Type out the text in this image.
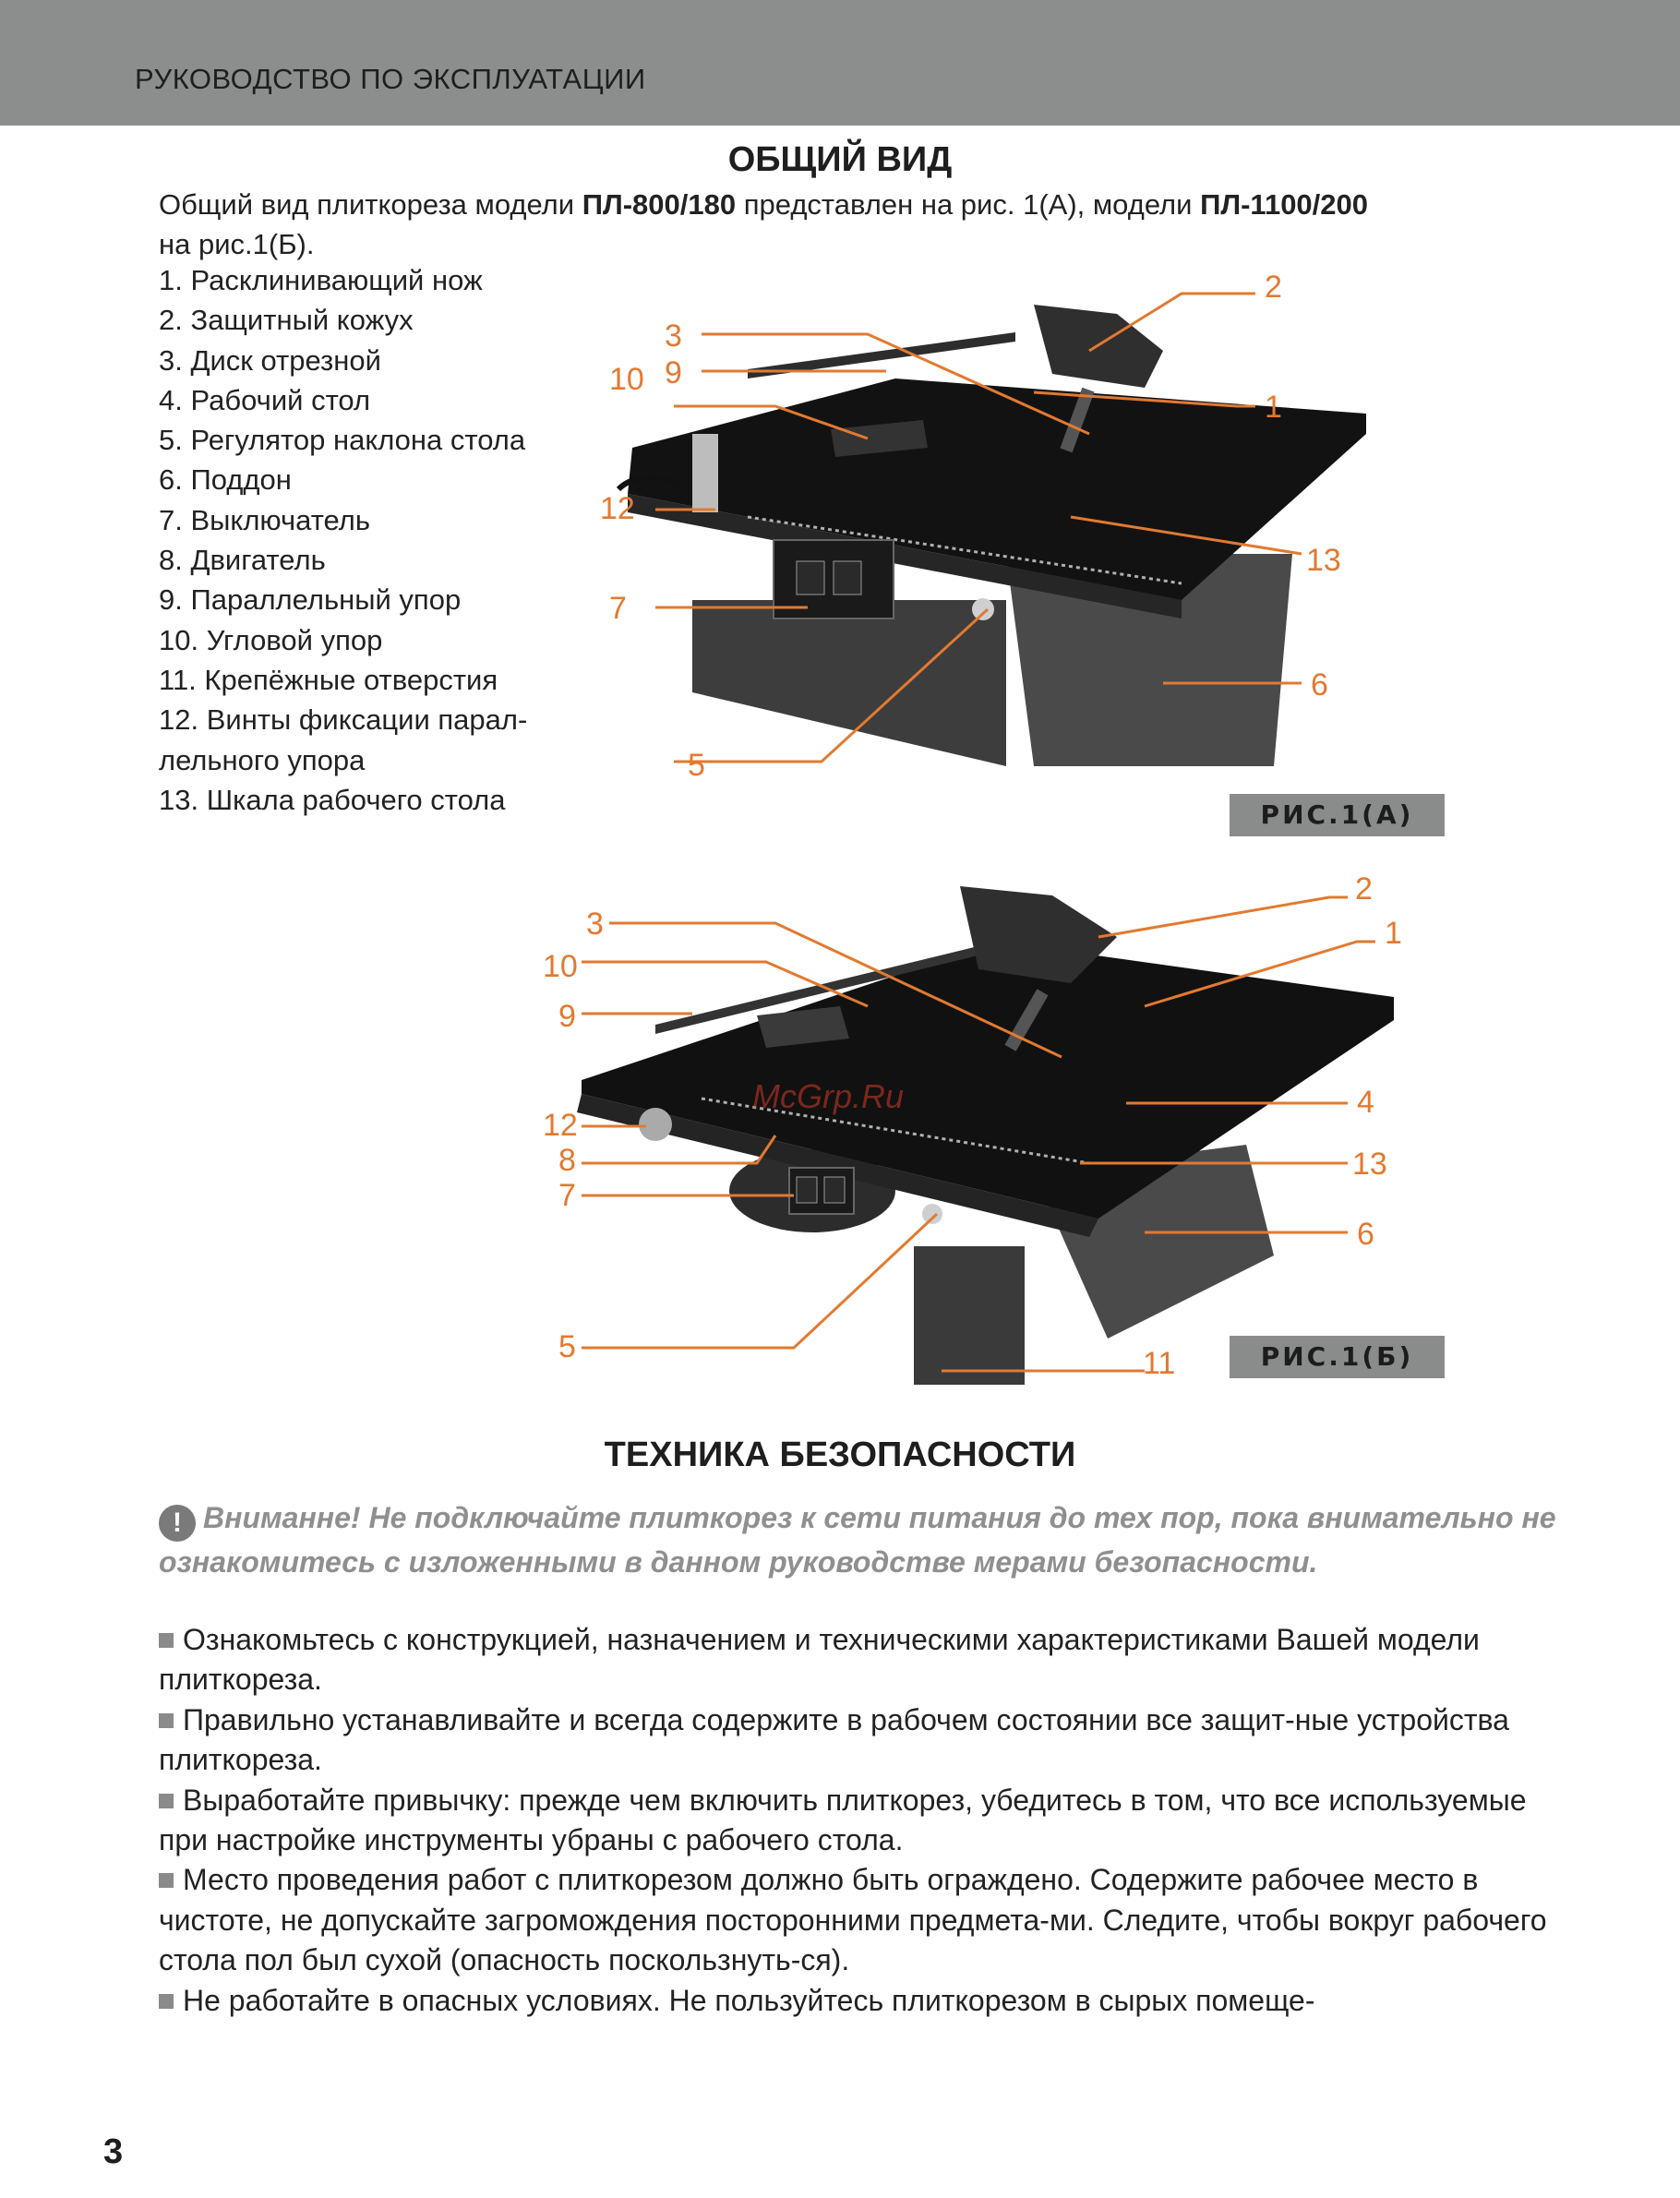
РУКОВОДСТВО ПО ЭКСПЛУАТАЦИИ
ОБЩИЙ ВИД
Общий вид плиткореза модели ПЛ-800/180 представлен на рис. 1(А), модели ПЛ-1100/200
на рис.1(Б).
1. Расклинивающий нож
2. Защитный кожух
3. Диск отрезной
4. Рабочий стол
5. Регулятор наклона стола
6. Поддон
7. Выключатель
8. Двигатель
9. Параллельный упор
10. Угловой упор
11. Крепёжные отверстия
12. Винты фиксации парал-
лельного упора
13. Шкала рабочего стола
2
3
9
10
1
12
13
7
6
5
РИС.1(А)
3
2
1
10
9
4
12
8	13
7
6
5	11
McGrp.Ru
РИС.1(Б)
ТЕХНИКА БЕЗОПАСНОСТИ
! Вниманне! Не подключайте плиткорез к сети питания до тех пор, пока внимательно не ознакомитесь с изложенными в данном руководстве мерами безопасности.

Ознакомьтесь с конструкцией, назначением и техническими характеристиками Вашей модели плиткореза.

Правильно устанавливайте и всегда содержите в рабочем состоянии все защит-ные устройства плиткореза.

Выработайте привычку: прежде чем включить плиткорез, убедитесь в том, что все используемые при настройке инструменты убраны с рабочего стола.

Место проведения работ с плиткорезом должно быть ограждено. Содержите рабочее место в чистоте, не допускайте загромождения посторонними предмета-ми. Следите, чтобы вокруг рабочего стола пол был сухой (опасность поскользнуть-ся).

Не работайте в опасных условиях. Не пользуйтесь плиткорезом в сырых помеще-

3
